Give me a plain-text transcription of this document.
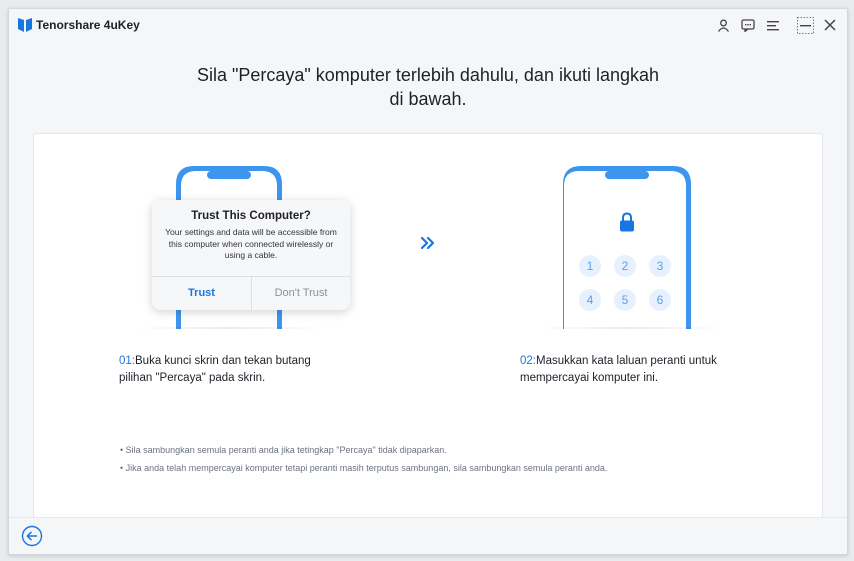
Tenorshare 4uKey
Sila "Percaya" komputer terlebih dahulu, dan ikuti langkah
di bawah.
Trust This Computer?
Your settings and data will be accessible from this computer when connected wirelessly or using a cable.
Trust	Don't Trust
1	2	3
4	5	6
01:Buka kunci skrin dan tekan butang
pilihan "Percaya" pada skrin.
02:Masukkan kata laluan peranti untuk
mempercayai komputer ini.
• Sila sambungkan semula peranti anda jika tetingkap "Percaya" tidak dipaparkan.
• Jika anda telah mempercayai komputer tetapi peranti masih terputus sambungan, sila sambungkan semula peranti anda.
